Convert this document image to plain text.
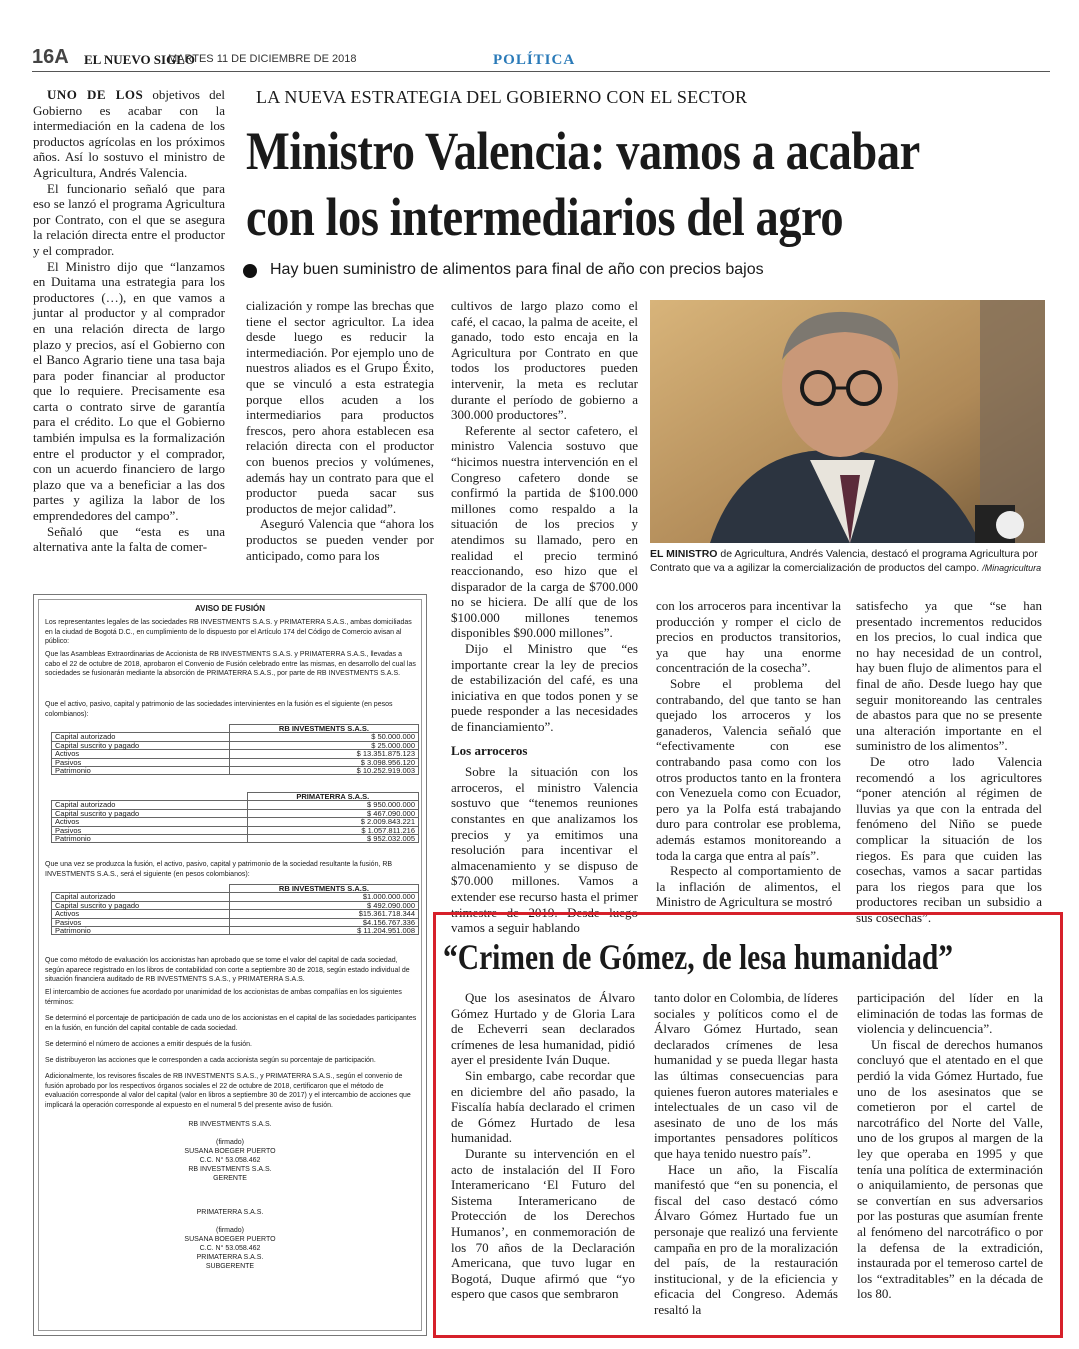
16A EL NUEVO SIGLO
MARTES 11 DE DICIEMBRE DE 2018	POLÍTICA

UNO DE LOS objetivos del Gobierno es acabar con la intermediación en la cadena de los productos agrícolas en los próximos años. Así lo sostuvo el ministro de Agricultura, Andrés Valencia.

El funcionario señaló que para eso se lanzó el programa Agricultura por Contrato, con el que se asegura la relación directa entre el productor y el comprador.

El Ministro dijo que “lanzamos en Duitama una estrategia para los productores (…), en que vamos a juntar al productor y al comprador en una relación directa de largo plazo y precios, así el Gobierno con el Banco Agrario tiene una tasa baja para poder financiar al productor que lo requiere. Precisamente esa carta o contrato sirve de garantía para el crédito. Lo que el Gobierno también impulsa es la formalización entre el productor y el comprador, con un acuerdo financiero de largo plazo que va a beneficiar a las dos partes y agiliza la labor de los emprendedores del campo”.

Señaló que “esta es una alternativa ante la falta de comer-

LA NUEVA ESTRATEGIA DEL GOBIERNO CON EL SECTOR
Ministro Valencia: vamos a acabar
con los intermediarios del agro
Hay buen suministro de alimentos para final de año con precios bajos

cialización y rompe las brechas que tiene el sector agricultor. La idea desde luego es reducir la intermediación. Por ejemplo uno de nuestros aliados es el Grupo Éxito, que se vinculó a esta estrategia porque ellos acuden a los intermediarios para productos frescos, pero ahora establecen esa relación directa con el productor con buenos precios y volúmenes, además hay un contrato para que el productor pueda sacar sus productos de mejor calidad”.

Aseguró Valencia que “ahora los productos se pueden vender por anticipado, como para los

cultivos de largo plazo como el café, el cacao, la palma de aceite, el ganado, todo esto encaja en la Agricultura por Contrato en que todos los productores pueden intervenir, la meta es reclutar durante el período de gobierno a 300.000 productores”.

Referente al sector cafetero, el ministro Valencia sostuvo que “hicimos nuestra intervención en el Congreso cafetero donde se confirmó la partida de $100.000 millones como respaldo a la situación de los precios y atendimos su llamado, pero en realidad el precio terminó reaccionando, eso hizo que el disparador de la carga de $700.000 no se hiciera. De allí que de los $100.000 millones tenemos disponibles $90.000 millones”.

Dijo el Ministro que “es importante crear la ley de precios de estabilización del café, es una iniciativa en que todos ponen y se puede responder a las necesidades de financiamiento”.

Los arroceros

Sobre la situación con los arroceros, el ministro Valencia sostuvo que “tenemos reuniones constantes en que analizamos los precios y ya emitimos una resolución para incentivar el almacenamiento y se dispuso de $70.000 millones. Vamos a extender ese recurso hasta el primer trimestre de 2019. Desde luego vamos a seguir hablando

EL MINISTRO de Agricultura, Andrés Valencia, destacó el programa Agricultura por Contrato que va a agilizar la comercialización de productos del campo. /Minagricultura

con los arroceros para incentivar la producción y romper el ciclo de precios en productos transitorios, ya que hay una enorme concentración de la cosecha”.

Sobre el problema del contrabando, del que tanto se han quejado los arroceros y los ganaderos, Valencia señaló que “efectivamente con ese contrabando pasa como con los otros productos tanto en la frontera con Venezuela como con Ecuador, pero ya la Polfa está trabajando duro para controlar ese problema, además estamos monitoreando a toda la carga que entra al país”.

Respecto al comportamiento de la inflación de alimentos, el Ministro de Agricultura se mostró

satisfecho ya que “se han presentado incrementos reducidos en los precios, lo cual indica que no hay necesidad de un control, hay buen flujo de alimentos para el final de año. Desde luego hay que seguir monitoreando las centrales de abastos para que no se presente una alteración importante en el suministro de los alimentos”.

De otro lado Valencia recomendó a los agricultores “poner atención al régimen de lluvias ya que con la entrada del fenómeno del Niño se puede complicar la situación de los riegos. Es para que cuiden las cosechas, vamos a sacar partidas para los riegos para que los productores reciban un subsidio a sus cosechas”.

AVISO DE FUSIÓN
Los representantes legales de las sociedades RB INVESTMENTS S.A.S. y PRIMATERRA S.A.S., ambas domiciliadas en la ciudad de Bogotá D.C., en cumplimiento de lo dispuesto por el Artículo 174 del Código de Comercio avisan al público:
Que las Asambleas Extraordinarias de Accionista de RB INVESTMENTS S.A.S. y PRIMATERRA S.A.S., llevadas a cabo el 22 de octubre de 2018, aprobaron el Convenio de Fusión celebrado entre las mismas, en desarrollo del cual las sociedades se fusionarán mediante la absorción de PRIMATERRA S.A.S., por parte de RB INVESTMENTS S.A.S.
Que el activo, pasivo, capital y patrimonio de las sociedades intervinientes en la fusión es el siguiente (en pesos colombianos):
	RB INVESTMENTS S.A.S.
Capital autorizado	$ 50.000.000
Capital suscrito y pagado	$ 25.000.000
Activos	$ 13.351.875.123
Pasivos	$ 3.098.956.120
Patrimonio	$ 10.252.919.003
	PRIMATERRA S.A.S.
Capital autorizado	$ 950.000.000
Capital suscrito y pagado	$ 467.090.000
Activos	$ 2.009.843.221
Pasivos	$ 1.057.811.216
Patrimonio	$ 952.032.005
Que una vez se produzca la fusión, el activo, pasivo, capital y patrimonio de la sociedad resultante la fusión, RB INVESTMENTS S.A.S., será el siguiente (en pesos colombianos):
	RB INVESTMENTS S.A.S.
Capital autorizado	$1.000.000.000
Capital suscrito y pagado	$ 492.090.000
Activos	$15.361.718.344
Pasivos	$4.156.767.336
Patrimonio	$ 11.204.951.008
Que como método de evaluación los accionistas han aprobado que se tome el valor del capital de cada sociedad, según aparece registrado en los libros de contabilidad con corte a septiembre 30 de 2018, según estado individual de situación financiera auditado de RB INVESTMENTS S.A.S., y PRIMATERRA S.A.S.
El intercambio de acciones fue acordado por unanimidad de los accionistas de ambas compañías en los siguientes términos:
Se determinó el porcentaje de participación de cada uno de los accionistas en el capital de las sociedades participantes en la fusión, en función del capital contable de cada sociedad.
Se determinó el número de acciones a emitir después de la fusión.
Se distribuyeron las acciones que le corresponden a cada accionista según su porcentaje de participación.
Adicionalmente, los revisores fiscales de RB INVESTMENTS S.A.S., y PRIMATERRA S.A.S., según el convenio de fusión aprobado por los respectivos órganos sociales el 22 de octubre de 2018, certificaron que el método de evaluación corresponde al valor del capital (valor en libros a septiembre 30 de 2017) y el intercambio de acciones que implicará la operación corresponde al expuesto en el numeral 5 del presente aviso de fusión.
RB INVESTMENTS S.A.S.

(firmado)
SUSANA BOEGER PUERTO
C.C. N° 53.058.462
RB INVESTMENTS S.A.S.
GERENTE
PRIMATERRA S.A.S.

(firmado)
SUSANA BOEGER PUERTO
C.C. N° 53.058.462
PRIMATERRA S.A.S.
SUBGERENTE
“Crimen de Gómez, de lesa humanidad”

Que los asesinatos de Álvaro Gómez Hurtado y de Gloria Lara de Echeverri sean declarados crímenes de lesa humanidad, pidió ayer el presidente Iván Duque.

Sin embargo, cabe recordar que en diciembre del año pasado, la Fiscalía había declarado el crimen de Gómez Hurtado de lesa humanidad.

Durante su intervención en el acto de instalación del II Foro Interamericano ‘El Futuro del Sistema Interamericano de Protección de los Derechos Humanos’, en conmemoración de los 70 años de la Declaración Americana, que tuvo lugar en Bogotá, Duque afirmó que “yo espero que casos que sembraron

tanto dolor en Colombia, de líderes sociales y políticos como el de Álvaro Gómez Hurtado, sean declarados crímenes de lesa humanidad y se pueda llegar hasta las últimas consecuencias para quienes fueron autores materiales e intelectuales de un caso vil de asesinato de uno de los más importantes pensadores políticos que haya tenido nuestro país”.

Hace un año, la Fiscalía manifestó que “en su ponencia, el fiscal del caso destacó cómo Álvaro Gómez Hurtado fue un personaje que realizó una ferviente campaña en pro de la moralización del país, de la restauración institucional, y de la eficiencia y eficacia del Congreso. Además resaltó la

participación del líder en la eliminación de todas las formas de violencia y delincuencia”.

Un fiscal de derechos humanos concluyó que el atentado en el que perdió la vida Gómez Hurtado, fue uno de los asesinatos que se cometieron por el cartel de narcotráfico del Norte del Valle, uno de los grupos al margen de la ley que operaba en 1995 y que tenía una política de exterminación o aniquilamiento, de personas que se convertían en sus adversarios por las posturas que asumían frente al fenómeno del narcotráfico o por la defensa de la extradición, instaurada por el temeroso cartel de los “extraditables” en la década de los 80.
